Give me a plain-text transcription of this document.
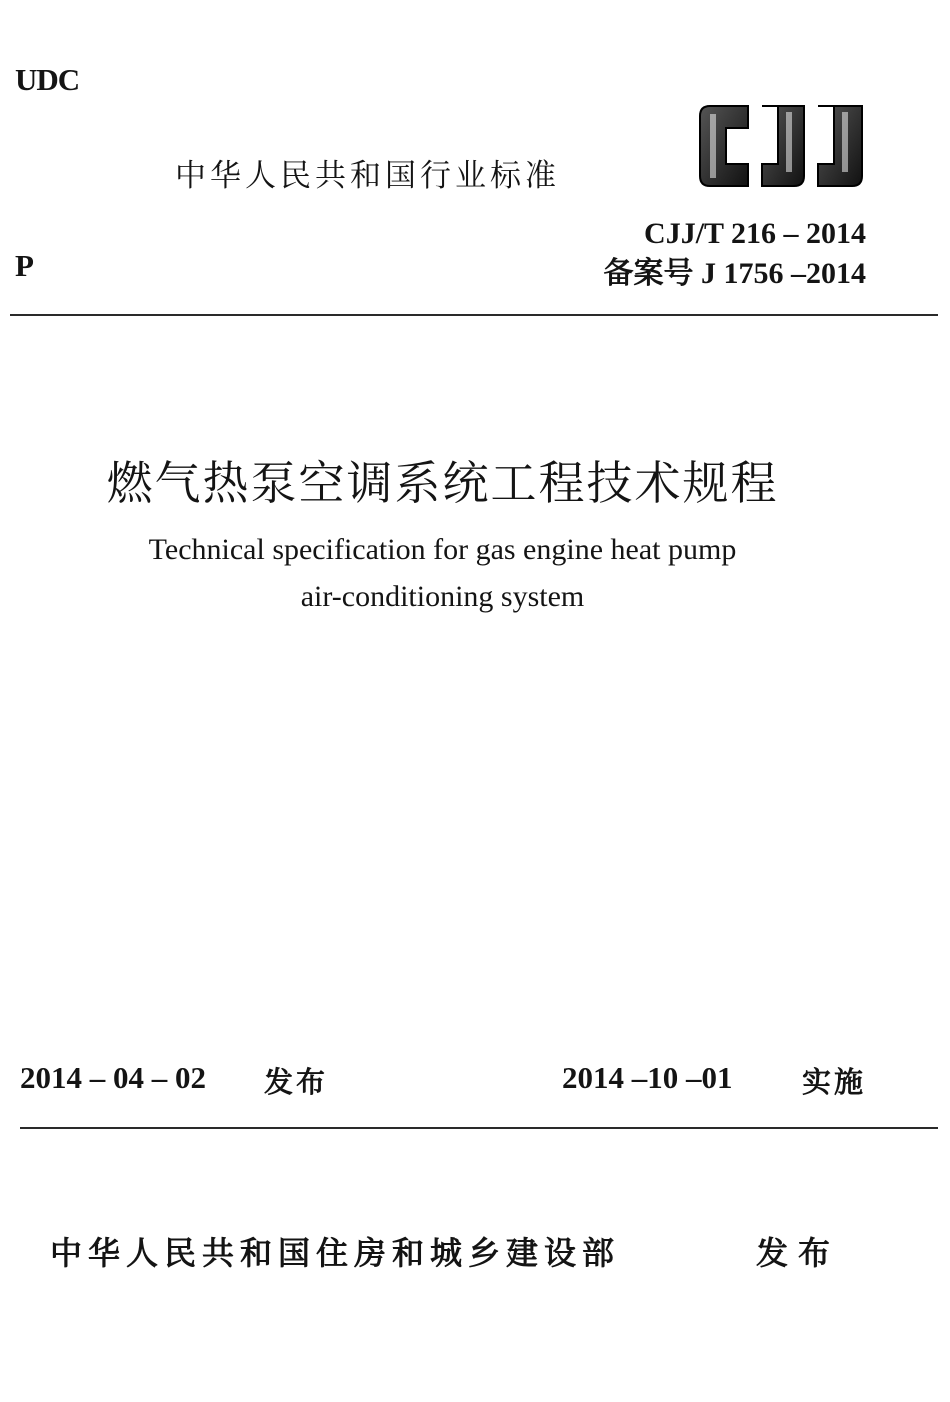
UDC
P
中华人民共和国行业标准
CJJ/T 216 – 2014
备案号 J 1756 –2014
燃气热泵空调系统工程技术规程
Technical specification for gas engine heat pump
air-conditioning system
2014 – 04 – 02 发布	2014 –10 –01 实施
中华人民共和国住房和城乡建设部	发布
